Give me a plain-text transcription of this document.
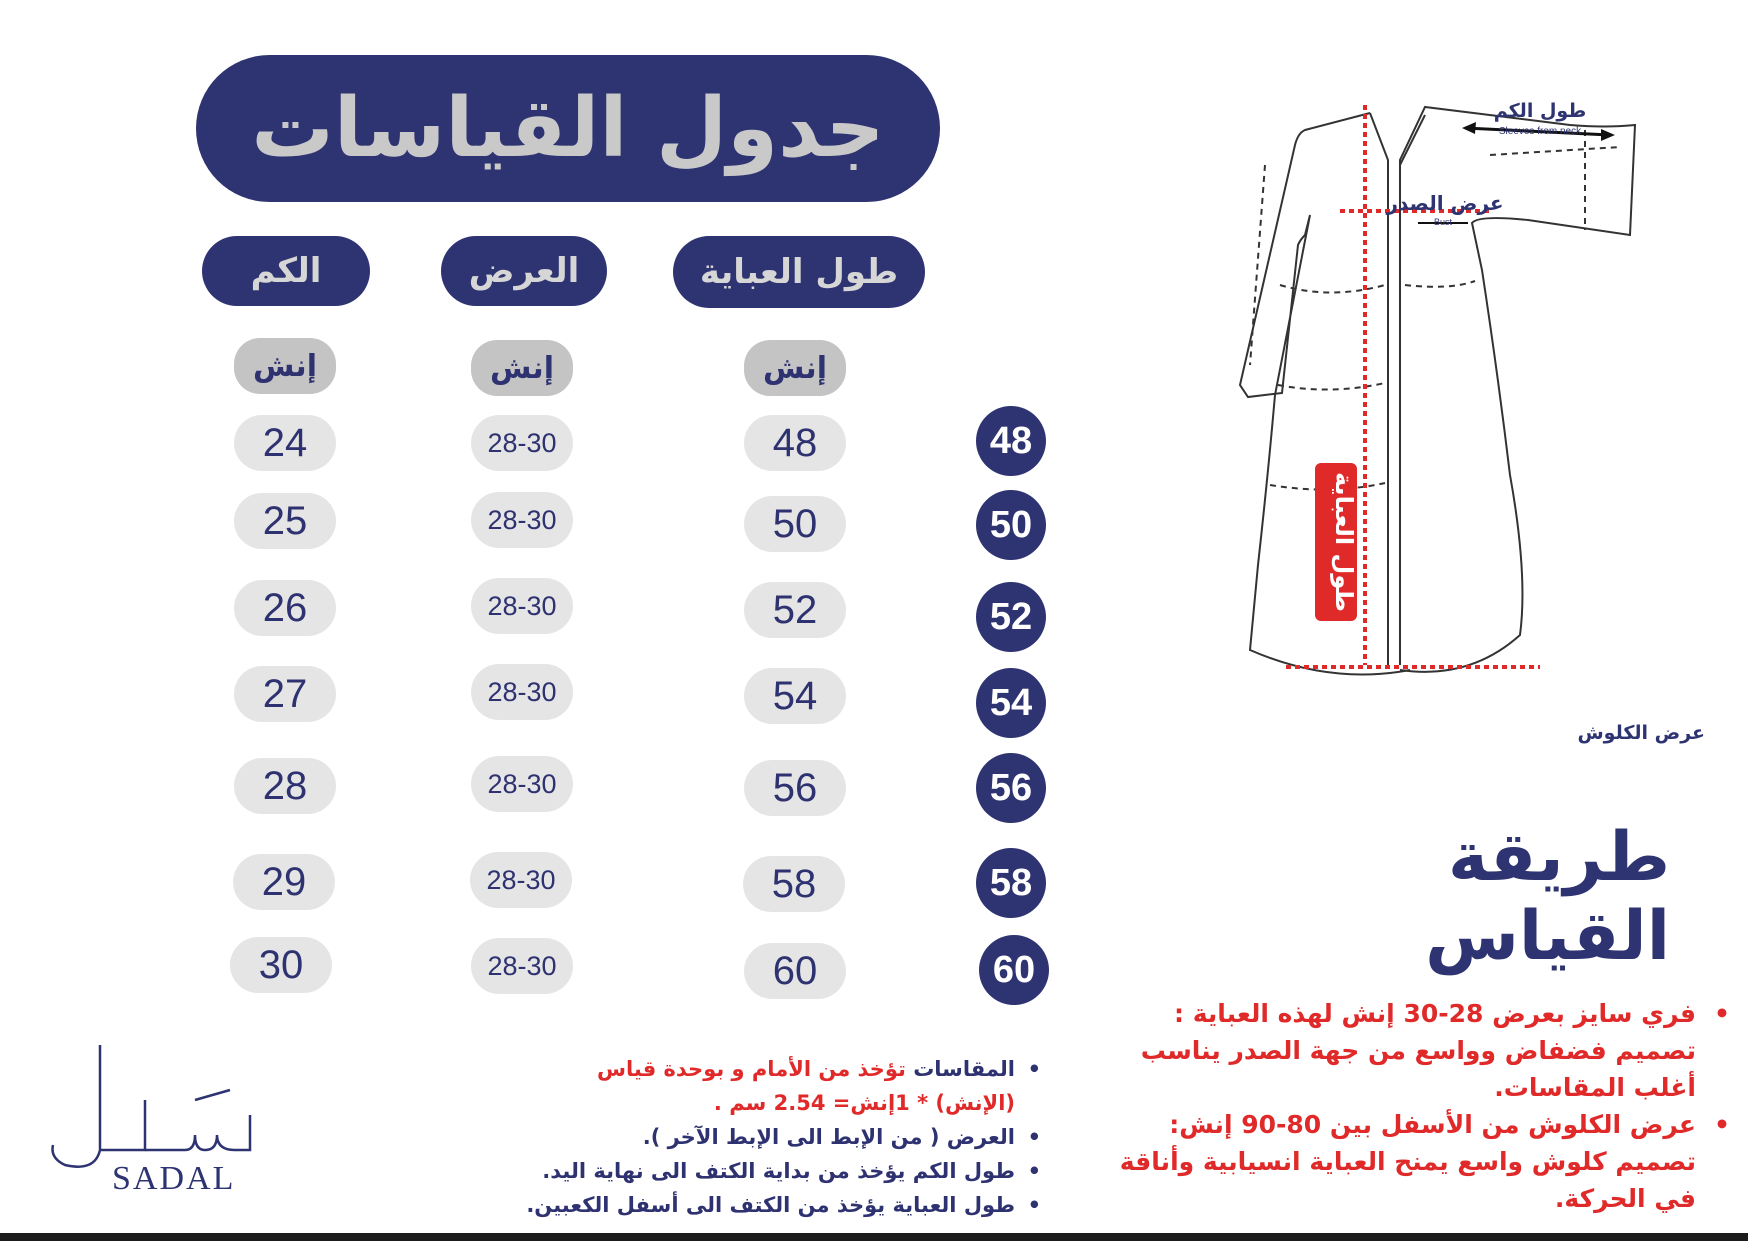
جدول القياسات
طول العباية
العرض
الكم
إنش
إنش
إنش
48
48
28-30
24
50
50
28-30
25
52
52
28-30
26
54
54
28-30
27
56
56
28-30
28
58
58
28-30
29
60
60
28-30
30
طول العباية
طول الكم
Sleeves from neck
عرض الصدر
Bust
عرض الكلوش
طريقة القياس
فري سايز بعرض 28-30 إنش لهذه العباية :
تصميم فضفاض وواسع من جهة الصدر يناسب
أغلب المقاسات.
•
عرض الكلوش من الأسفل بين 80-90 إنش:
تصميم كلوش واسع يمنح العباية انسيابية وأناقة
في الحركة.
•
المقاسات تؤخذ من الأمام و بوحدة قياس
(الإنش) * 1إنش= 2.54 سم .
•
العرض ( من الإبط الى الإبط الآخر ). •
طول الكم يؤخذ من بداية الكتف الى نهاية اليد. •
طول العباية يؤخذ من الكتف الى أسفل الكعبين. •
SADAL
